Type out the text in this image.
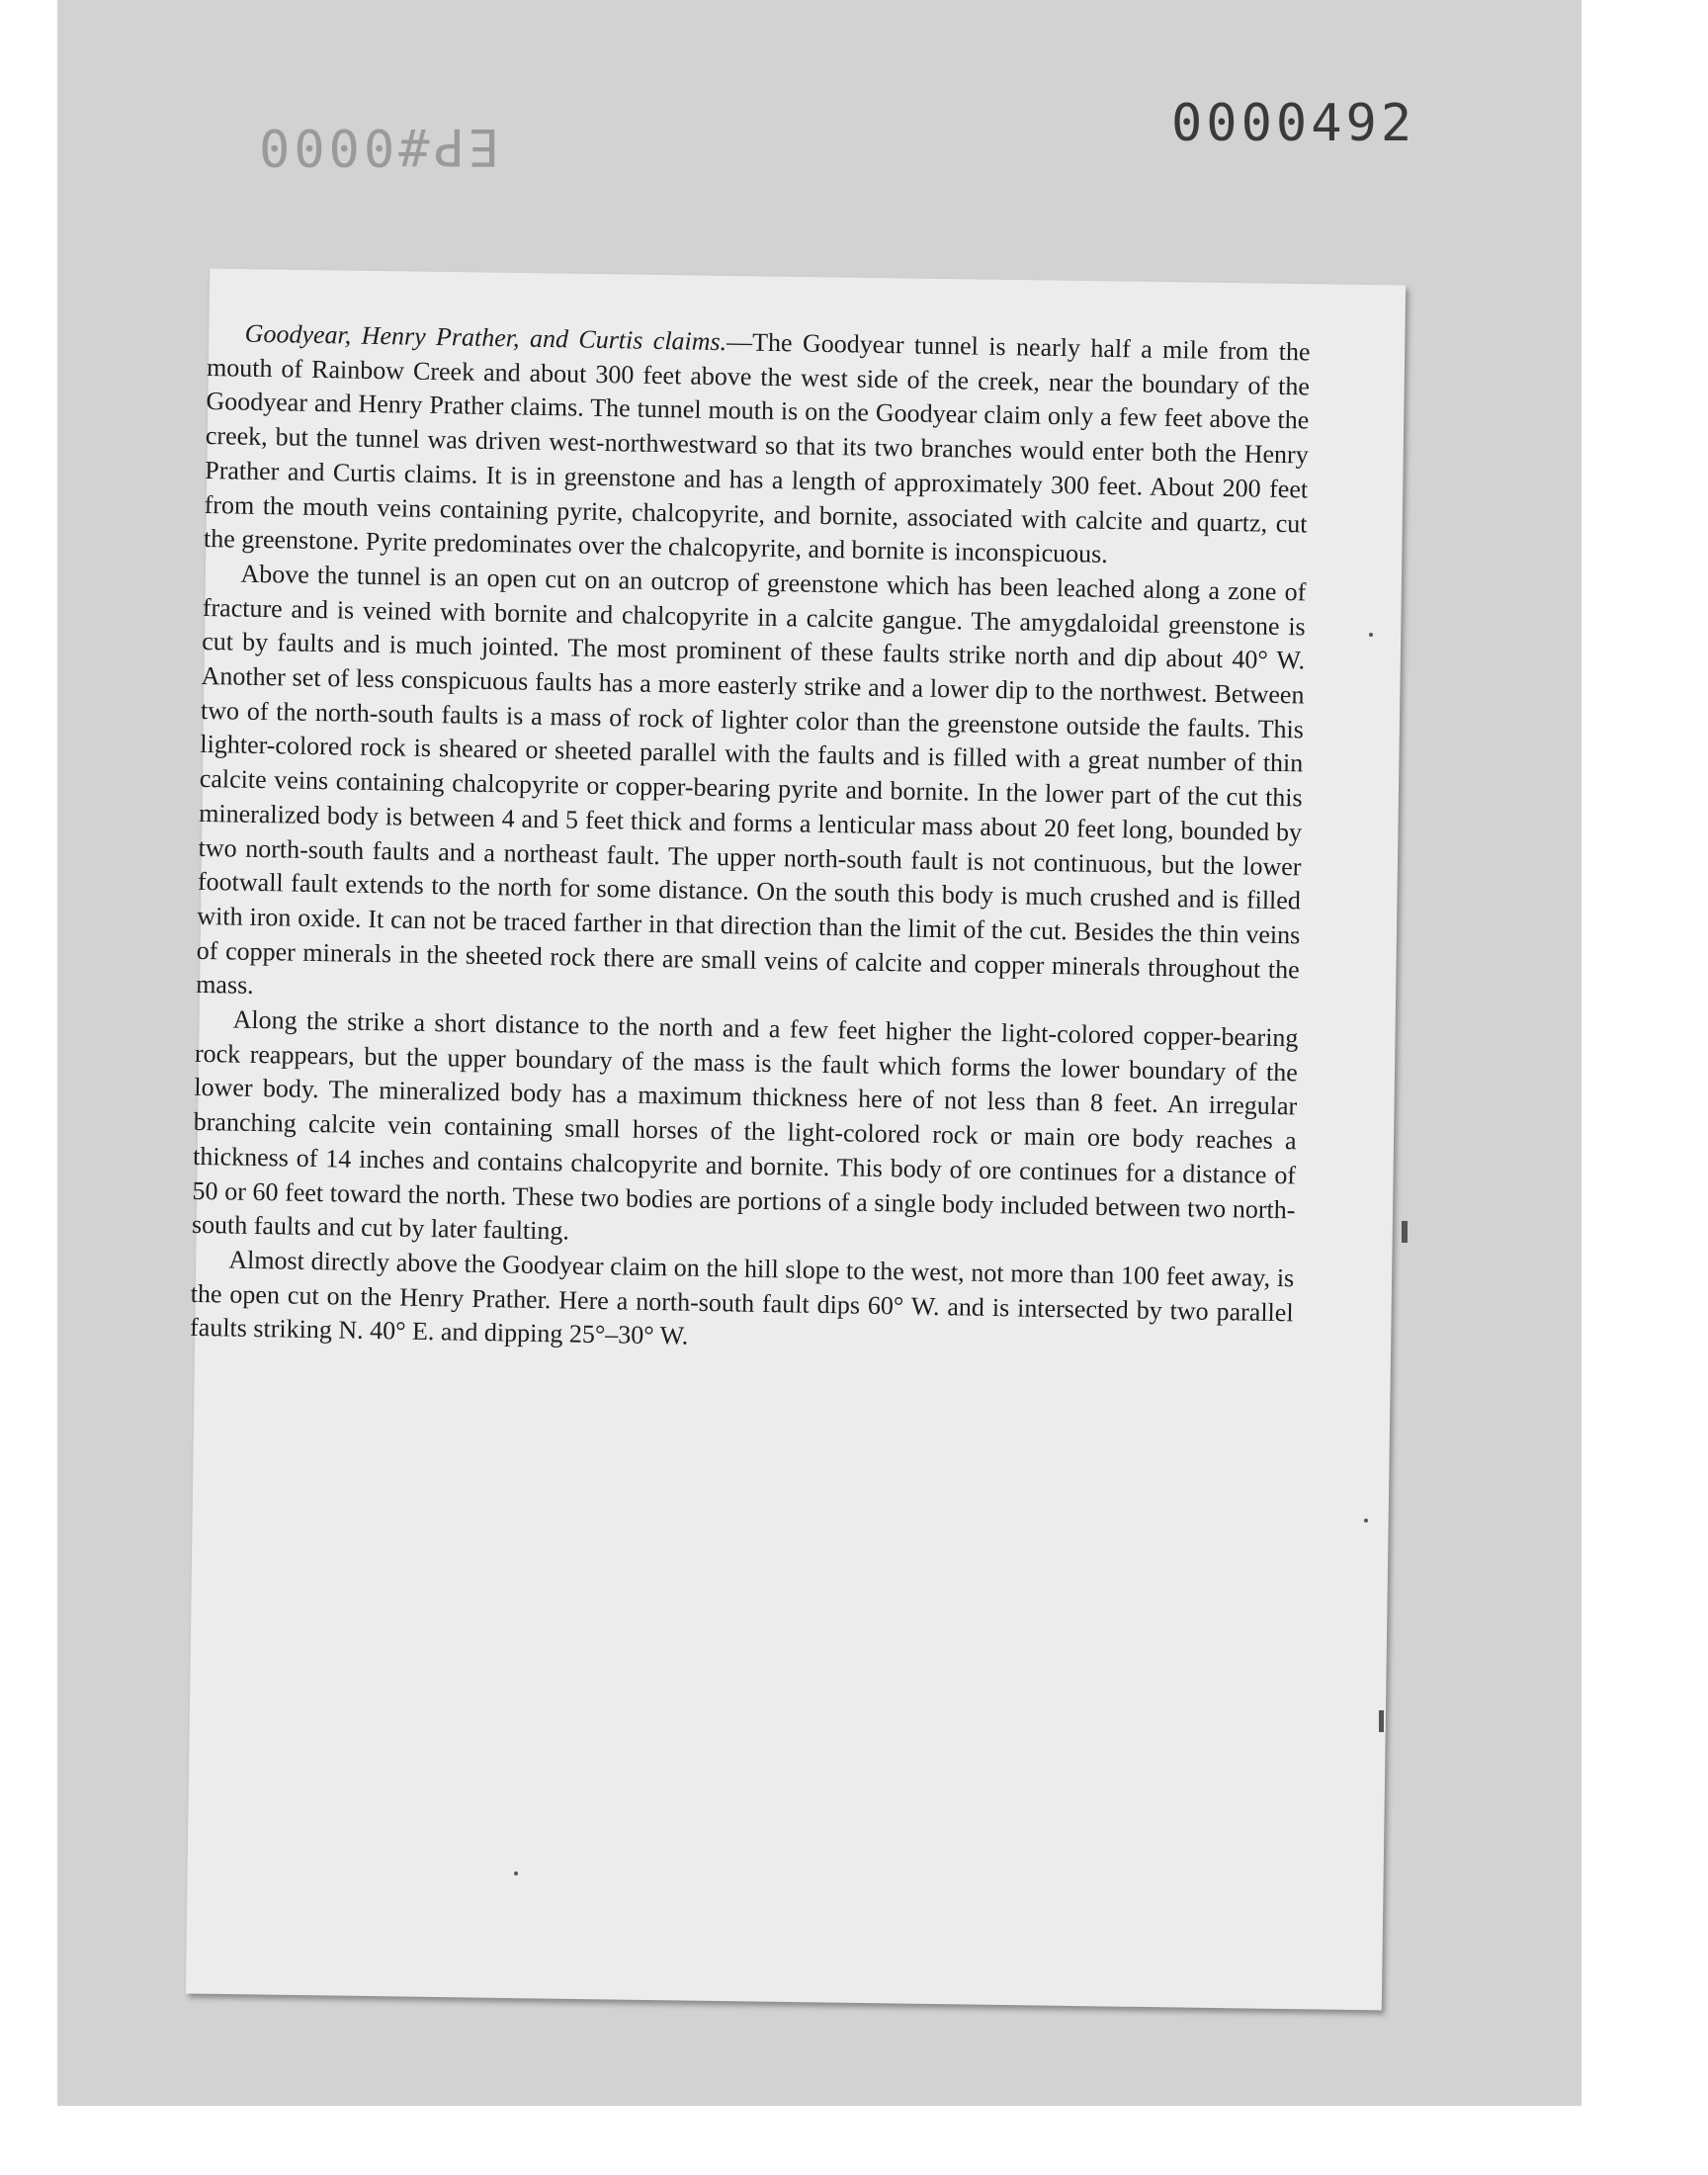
EP#0000	0000492

Goodyear, Henry Prather, and Curtis claims.—The Goodyear tunnel is nearly half a mile from the mouth of Rainbow Creek and about 300 feet above the west side of the creek, near the boundary of the Goodyear and Henry Prather claims. The tunnel mouth is on the Goodyear claim only a few feet above the creek, but the tunnel was driven west-northwestward so that its two branches would enter both the Henry Prather and Curtis claims. It is in greenstone and has a length of approximately 300 feet. About 200 feet from the mouth veins containing pyrite, chalcopyrite, and bornite, associated with calcite and quartz, cut the greenstone. Pyrite predominates over the chalcopyrite, and bornite is inconspicuous.

Above the tunnel is an open cut on an outcrop of greenstone which has been leached along a zone of fracture and is veined with bornite and chalcopyrite in a calcite gangue. The amygdaloidal greenstone is cut by faults and is much jointed. The most prominent of these faults strike north and dip about 40° W. Another set of less conspicuous faults has a more easterly strike and a lower dip to the northwest. Between two of the north-south faults is a mass of rock of lighter color than the greenstone outside the faults. This lighter-colored rock is sheared or sheeted parallel with the faults and is filled with a great number of thin calcite veins containing chalcopyrite or copper-bearing pyrite and bornite. In the lower part of the cut this mineralized body is between 4 and 5 feet thick and forms a lenticular mass about 20 feet long, bounded by two north-south faults and a northeast fault. The upper north-south fault is not continuous, but the lower footwall fault extends to the north for some distance. On the south this body is much crushed and is filled with iron oxide. It can not be traced farther in that direction than the limit of the cut. Besides the thin veins of copper minerals in the sheeted rock there are small veins of calcite and copper minerals throughout the mass.

Along the strike a short distance to the north and a few feet higher the light-colored copper-bearing rock reappears, but the upper boundary of the mass is the fault which forms the lower boundary of the lower body. The mineralized body has a maximum thickness here of not less than 8 feet. An irregular branching calcite vein containing small horses of the light-colored rock or main ore body reaches a thickness of 14 inches and contains chalcopyrite and bornite. This body of ore continues for a distance of 50 or 60 feet toward the north. These two bodies are portions of a single body included between two north-south faults and cut by later faulting.

Almost directly above the Goodyear claim on the hill slope to the west, not more than 100 feet away, is the open cut on the Henry Prather. Here a north-south fault dips 60° W. and is intersected by two parallel faults striking N. 40° E. and dipping 25°–30° W.
